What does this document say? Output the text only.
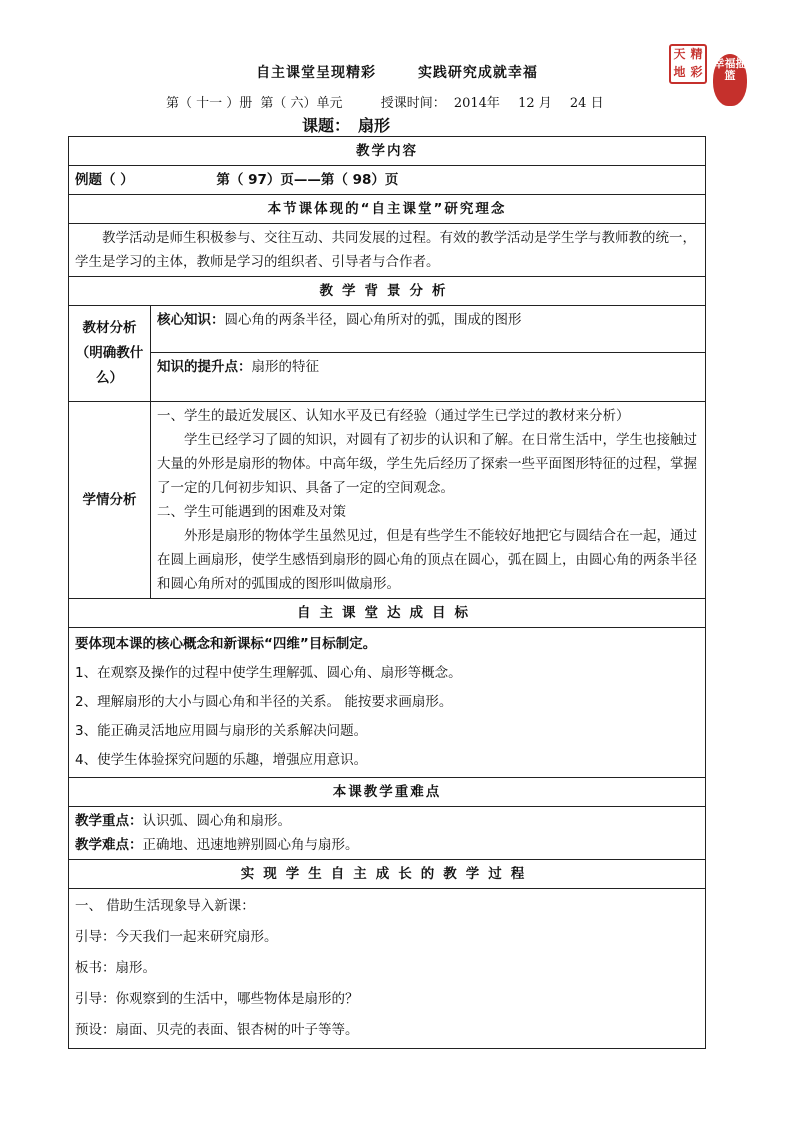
自主课堂呈现精彩	实践研究成就幸福
天 精
地 彩
幸福摇篮
第（ 十一 ）册 第（ 六）单元	授课时间： 2014年 12 月 24 日
课题： 扇形
教学内容	
例题（ ） 第（ 97）页——第（ 98）页	
本节课体现的“自主课堂”研究理念	
教学活动是师生积极参与、交往互动、共同发展的过程。有效的教学活动是学生学与教师教的统一，学生是学习的主体，教师是学习的组织者、引导者与合作者。	
教学背景分析	
教材分析（明确教什么）	核心知识：圆心角的两条半径，圆心角所对的弧，围成的图形
	知识的提升点：扇形的特征
学情分析	一、学生的最近发展区、认知水平及已有经验（通过学生已学过的教材来分析）

学生已经学习了圆的知识，对圆有了初步的认识和了解。在日常生活中，学生也接触过大量的外形是扇形的物体。中高年级，学生先后经历了探索一些平面图形特征的过程，掌握了一定的几何初步知识、具备了一定的空间观念。

二、学生可能遇到的困难及对策

外形是扇形的物体学生虽然见过，但是有些学生不能较好地把它与圆结合在一起，通过在圆上画扇形，使学生感悟到扇形的圆心角的顶点在圆心，弧在圆上，由圆心角的两条半径和圆心角所对的弧围成的图形叫做扇形。

自主课堂达成目标	

要体现本课的核心概念和新课标“四维”目标制定。

1、在观察及操作的过程中使学生理解弧、圆心角、扇形等概念。

2、理解扇形的大小与圆心角和半径的关系。 能按要求画扇形。

3、能正确灵活地应用圆与扇形的关系解决问题。

4、使学生体验探究问题的乐趣，增强应用意识。	

本课教学重难点	

教学重点：认识弧、圆心角和扇形。

教学难点：正确地、迅速地辨别圆心角与扇形。	

实现学生自主成长的教学过程	

一、 借助生活现象导入新课：

引导：今天我们一起来研究扇形。

板书：扇形。

引导：你观察到的生活中，哪些物体是扇形的？

预设：扇面、贝壳的表面、银杏树的叶子等等。	
